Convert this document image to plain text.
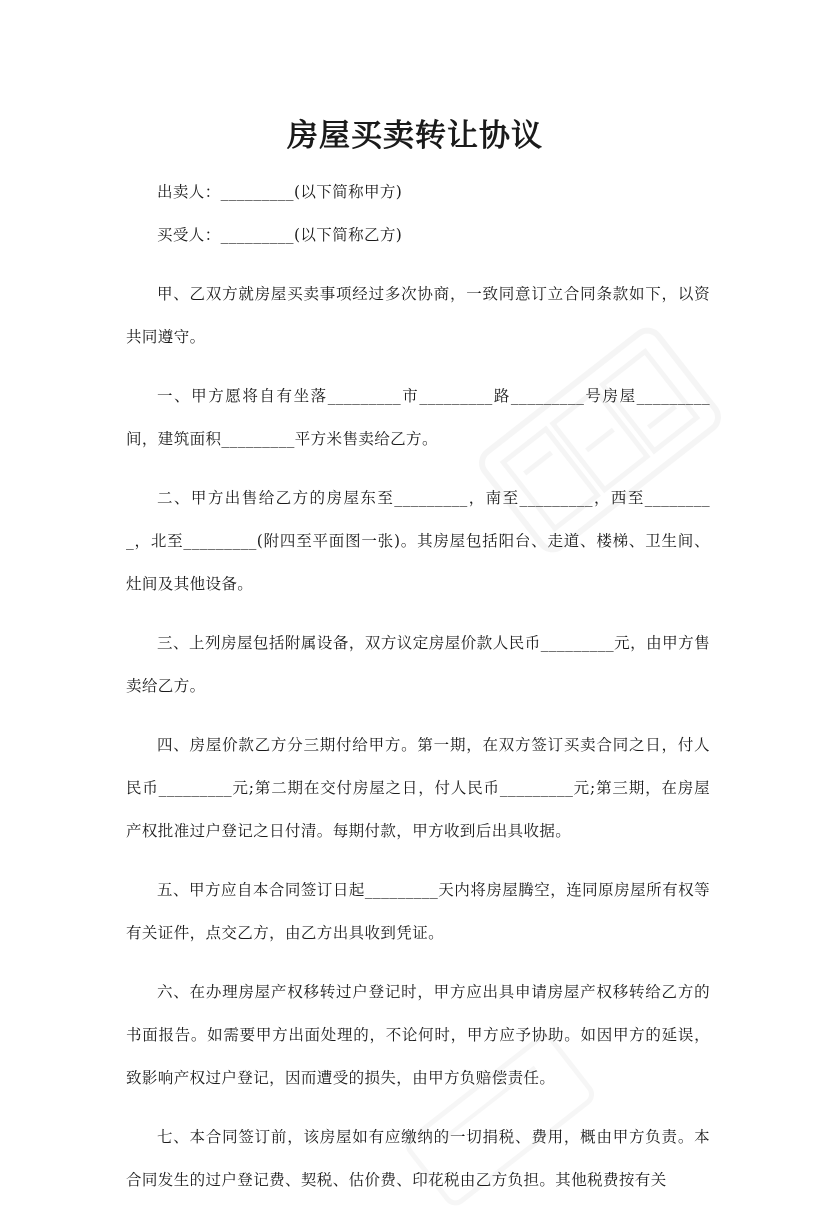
房屋买卖转让协议

出卖人：_________(以下简称甲方)

买受人：_________(以下简称乙方)

甲、乙双方就房屋买卖事项经过多次协商，一致同意订立合同条款如下，以资共同遵守。

一、甲方愿将自有坐落_________市_________路_________号房屋_________间，建筑面积_________平方米售卖给乙方。

二、甲方出售给乙方的房屋东至_________，南至_________，西至_________，北至_________(附四至平面图一张)。其房屋包括阳台、走道、楼梯、卫生间、灶间及其他设备。

三、上列房屋包括附属设备，双方议定房屋价款人民币_________元，由甲方售卖给乙方。

四、房屋价款乙方分三期付给甲方。第一期，在双方签订买卖合同之日，付人民币_________元;第二期在交付房屋之日，付人民币_________元;第三期，在房屋产权批准过户登记之日付清。每期付款，甲方收到后出具收据。

五、甲方应自本合同签订日起_________天内将房屋腾空，连同原房屋所有权等有关证件，点交乙方，由乙方出具收到凭证。

六、在办理房屋产权移转过户登记时，甲方应出具申请房屋产权移转给乙方的书面报告。如需要甲方出面处理的，不论何时，甲方应予协助。如因甲方的延误，致影响产权过户登记，因而遭受的损失，由甲方负赔偿责任。

七、本合同签订前，该房屋如有应缴纳的一切捐税、费用，概由甲方负责。本合同发生的过户登记费、契税、估价费、印花税由乙方负担。其他税费按有关
